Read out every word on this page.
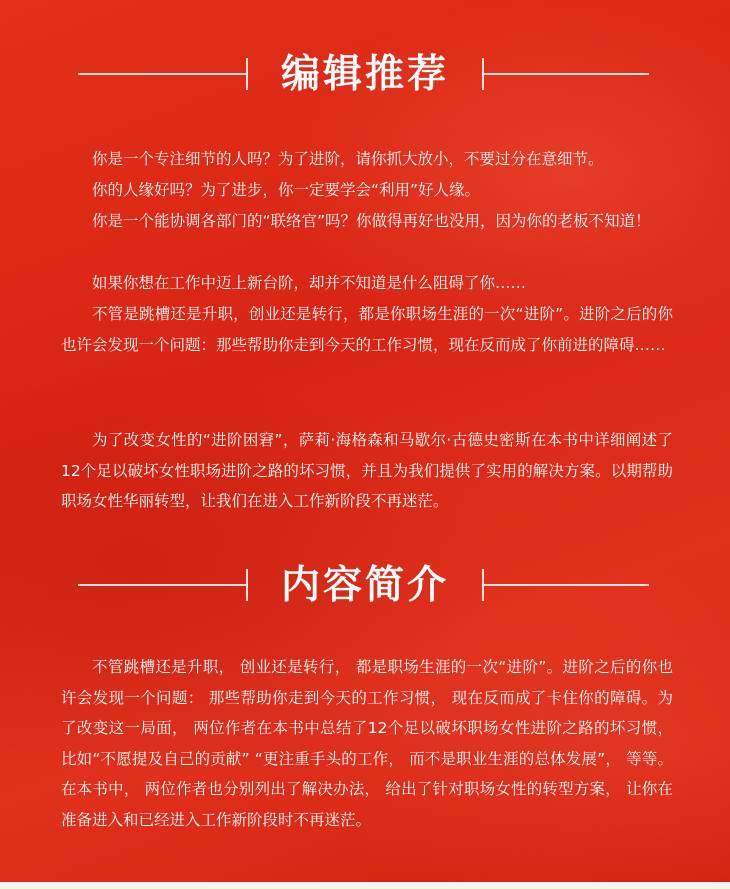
编辑推荐

你是一个专注细节的人吗？为了进阶，请你抓大放小，不要过分在意细节。

你的人缘好吗？为了进步，你一定要学会“利用”好人缘。

你是一个能协调各部门的“联络官”吗？你做得再好也没用，因为你的老板不知道！

如果你想在工作中迈上新台阶，却并不知道是什么阻碍了你……

不管是跳槽还是升职，创业还是转行，都是你职场生涯的一次“进阶”。进阶之后的你也许会发现一个问题：那些帮助你走到今天的工作习惯，现在反而成了你前进的障碍……

为了改变女性的“进阶困窘”，萨莉·海格森和马歇尔·古德史密斯在本书中详细阐述了12个足以破坏女性职场进阶之路的坏习惯，并且为我们提供了实用的解决方案。以期帮助职场女性华丽转型，让我们在进入工作新阶段不再迷茫。

内容简介

不管跳槽还是升职， 创业还是转行， 都是职场生涯的一次“进阶”。进阶之后的你也许会发现一个问题： 那些帮助你走到今天的工作习惯， 现在反而成了卡住你的障碍。为了改变这一局面， 两位作者在本书中总结了12个足以破坏职场女性进阶之路的坏习惯， 比如“不愿提及自己的贡献” “更注重手头的工作， 而不是职业生涯的总体发展”， 等等。在本书中， 两位作者也分别列出了解决办法， 给出了针对职场女性的转型方案， 让你在准备进入和已经进入工作新阶段时不再迷茫。
